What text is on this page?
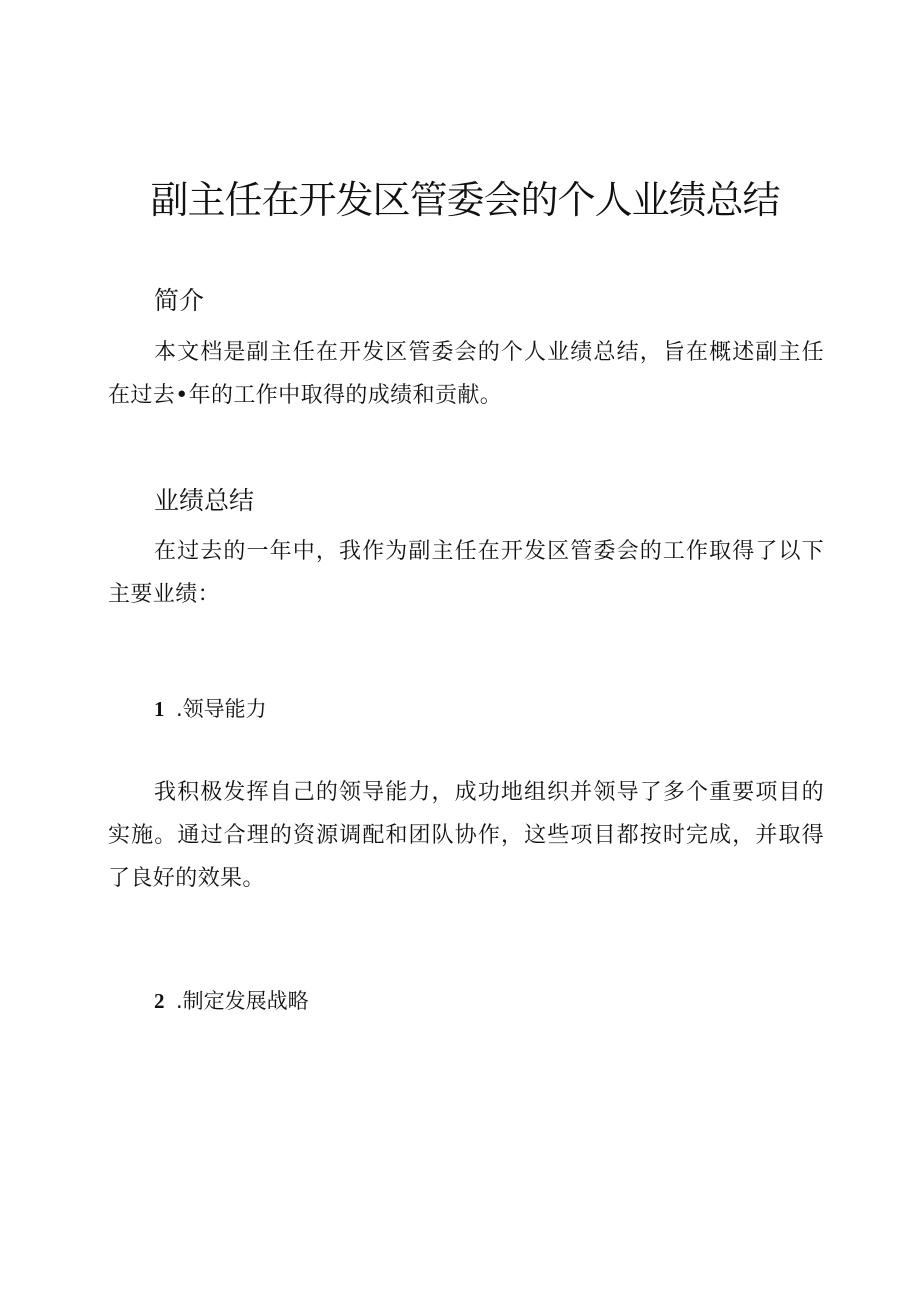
副主任在开发区管委会的个人业绩总结
简介

本文档是副主任在开发区管委会的个人业绩总结，旨在概述副主任在过去•年的工作中取得的成绩和贡献。

业绩总结

在过去的一年中，我作为副主任在开发区管委会的工作取得了以下主要业绩：

1 .领导能力

我积极发挥自己的领导能力，成功地组织并领导了多个重要项目的实施。通过合理的资源调配和团队协作，这些项目都按时完成，并取得了良好的效果。

2 .制定发展战略
